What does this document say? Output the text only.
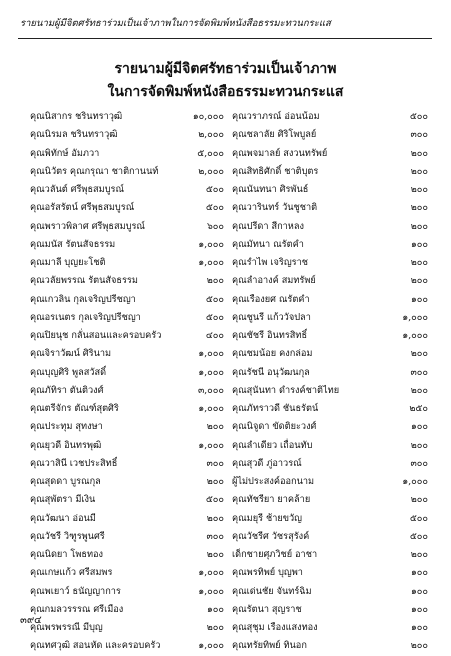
รายนามผู้มีจิตศรัทธาร่วมเป็นเจ้าภาพในการจัดพิมพ์หนังสือธรรมะทวนกระแส
รายนามผู้มีจิตศรัทธาร่วมเป็นเจ้าภาพ
ในการจัดพิมพ์หนังสือธรรมะทวนกระแส
คุณนิสากร ชรินทราวุฒิ	๑๐,๐๐๐
คุณนิรมล ชรินทราวุฒิ	๒,๐๐๐
คุณพิทักษ์ อัมภวา	๕,๐๐๐
คุณนิวัตร คุณกรุณา ชาติกานนท์	๒,๐๐๐
คุณวลันต์ ศรีพุธสมบูรณ์	๕๐๐
คุณอรัสรัตน์ ศรีพุธสมบูรณ์	๕๐๐
คุณพราวพิลาศ ศรีพุธสมบูรณ์	๖๐๐
คุณมนัส รัตนสัจธรรม	๑,๐๐๐
คุณมาลี บุญยะโชติ	๑,๐๐๐
คุณวลัยพรรณ รัตนสัจธรรม	๒๐๐
คุณเกวลิน กุลเจริญปรีชญา	๕๐๐
คุณอรเนตร กุลเจริญปรีชญา	๕๐๐
คุณปิยนุช กลั่นสอนและครอบครัว	๔๐๐
คุณจิราวัฒน์ ศิรินาม	๑,๐๐๐
คุณบุญศิริ พูลสวัสดิ์	๑,๐๐๐
คุณภัทิรา ตันติวงศ์	๓,๐๐๐
คุณตรีจักร ตัณฑ์สุตศิริ	๑,๐๐๐
คุณประทุม สุทงษา	๒๐๐
คุณยุวดี อินทรพุฒิ	๑,๐๐๐
คุณวาสินี เวชประสิทธิ์	๓๐๐
คุณสุดดา บูรณกุล	๒๐๐
คุณสุพัตรา มีเงิน	๕๐๐
คุณวัฒนา อ่อนมี	๒๐๐
คุณวัชรี วิฑูรพูนศรี	๓๐๐
คุณนิดยา โพธทอง	๒๐๐
คุณเกษแก้ว ศรีสมพร	๑,๐๐๐
คุณพเยาว์ ธนัญญาการ	๑,๐๐๐
คุณกมลวรรรณ ศรีเมือง	๑๐๐
คุณพรพรรณี มีบุญ	๒๐๐
คุณทศวุฒิ สอนหัด และครอบครัว	๑,๐๐๐
คุณวราภรณ์ อ่อนน้อม	๕๐๐
คุณชลาลัย ศิริโพบูลย์	๓๐๐
คุณพจมาลย์ สงวนทรัพย์	๒๐๐
คุณสิทธิศักดิ์ ชาติบุตร	๒๐๐
คุณนันทนา ศิรพันธ์	๒๐๐
คุณวารินทร์ วันชูชาติ	๒๐๐
คุณปรีดา สีกาหลง	๒๐๐
คุณมัทนา ณรัตคำ	๑๐๐
คุณรำไพ เจริญราช	๒๐๐
คุณลำอางค์ สมทรัพย์	๒๐๐
คุณเรืองยศ ณรัตคำ	๑๐๐
คุณชูนรี แก้ววัจปลา	๑,๐๐๐
คุณชัชรี อินทรสิทธิ์	๑,๐๐๐
คุณชมน้อย คงกล่อม	๒๐๐
คุณรัชนี อนุวัฒนกุล	๓๐๐
คุณสุนันทา ดำรงค์ชาติไทย	๒๐๐
คุณภัทราวดี ชันธรัตน์	๒๕๐
คุณนิจูดา ขัดติยะวงศ์	๑๐๐
คุณลำเดียว เถื่อนทับ	๒๐๐
คุณสุวดี ภู่อาวรณ์	๓๐๐
ผู้ไม่ประสงค์ออกนาม	๑,๐๐๐
คุณทัชรียา ยาคล้าย	๒๐๐
คุณมยุรี ช้ายขวัญ	๕๐๐
คุณวัชรีศ วัชรสุรังค์	๕๐๐
เด็กชายศุภวิชย์ อาชา	๒๐๐
คุณพรทิพย์ บุญพา	๑๐๐
คุณเด่นชัย จันทร์ฉิม	๑๐๐
คุณรัตนา สุญราช	๑๐๐
คุณสุชุม เรืองแสงทอง	๑๐๐
คุณทรัยทิพย์ ทินอก	๒๐๐
๓๙๔
